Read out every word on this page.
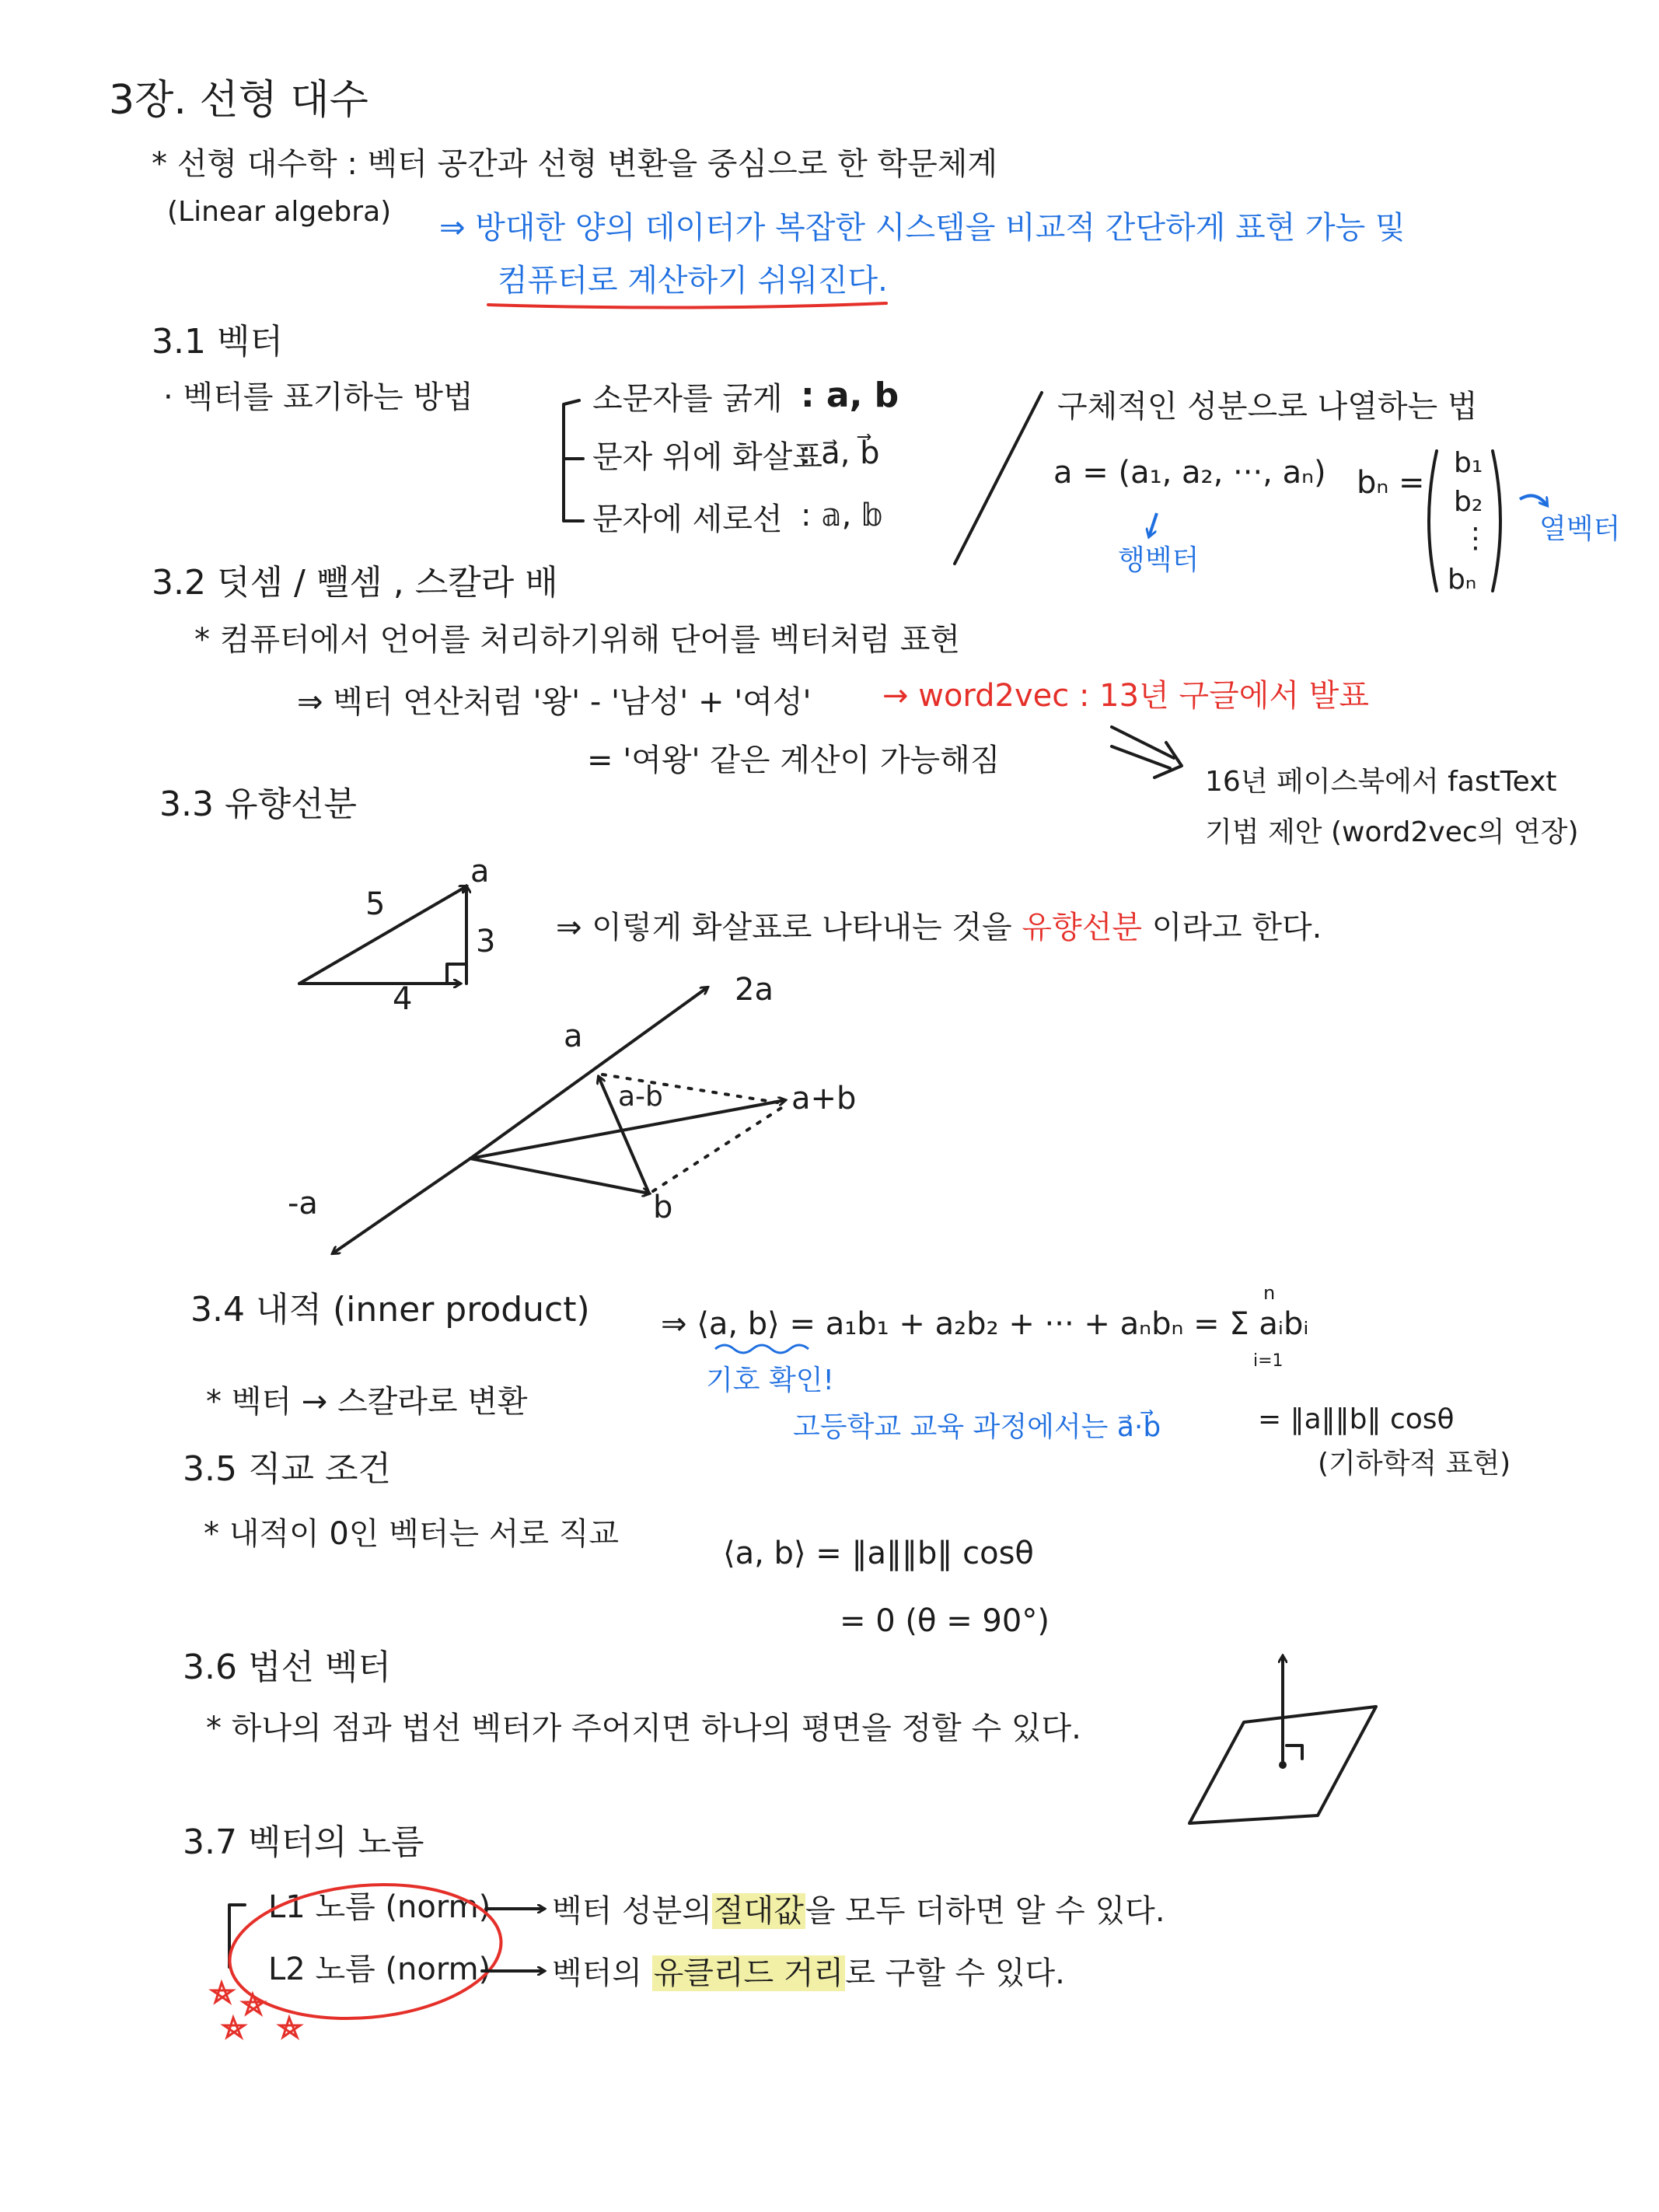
3장. 선형 대수
* 선형 대수학 : 벡터 공간과 선형 변환을 중심으로 한 학문체계
(Linear algebra) ⇒ 방대한 양의 데이터가 복잡한 시스템을 비교적 간단하게 표현 가능 및
컴퓨터로 계산하기 쉬워진다.
3.1 벡터
· 벡터를 표기하는 방법	소문자를 굵게 : a, b
문자 위에 화살표
: a⃗, b⃗
문자에 세로선 : 𝕒, 𝕓
구체적인 성분으로 나열하는 법
a = (a₁, a₂, ···, aₙ)
행벡터
bₙ =
b₁
b₂
⋮
bₙ
열벡터
3.2 덧셈 / 뺄셈 , 스칼라 배
* 컴퓨터에서 언어를 처리하기위해 단어를 벡터처럼 표현
⇒ 벡터 연산처럼 '왕' - '남성' + '여성'
= '여왕' 같은 계산이 가능해짐
→ word2vec : 13년 구글에서 발표
16년 페이스북에서 fastText
기법 제안 (word2vec의 연장)
3.3 유향선분
a
5
3
4
⇒ 이렇게 화살표로 나타내는 것을 유향선분 이라고 한다.
2a
a
a-b	a+b
-a	b
3.4 내적 (inner product) ⇒ ⟨a, b⟩ = a₁b₁ + a₂b₂ + ··· + aₙbₙ = Σ aᵢbᵢ
n
i=1
* 벡터 → 스칼라로 변환
기호 확인!
고등학교 교육 과정에서는 a⃗·b⃗	= ‖a‖‖b‖ cosθ
(기하학적 표현)
3.5 직교 조건
* 내적이 0인 벡터는 서로 직교
⟨a, b⟩ = ‖a‖‖b‖ cosθ
= 0 (θ = 90°)
3.6 법선 벡터
* 하나의 점과 법선 벡터가 주어지면 하나의 평면을 정할 수 있다.
3.7 벡터의 노름
L1 노름 (norm) 벡터 성분의절대값을 모두 더하면 알 수 있다.
L2 노름 (norm) 벡터의 유클리드 거리로 구할 수 있다.
